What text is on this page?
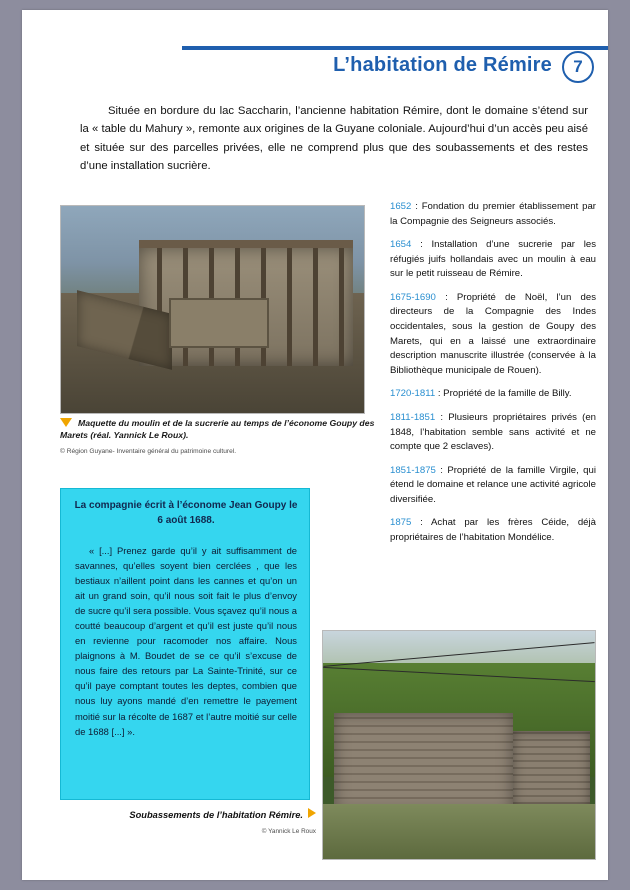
L’habitation de Rémire	7
Située en bordure du lac Saccharin, l’ancienne habitation Rémire, dont le domaine s’étend sur la « table du Mahury », remonte aux origines de la Guyane coloniale. Aujourd’hui d’un accès peu aisé et située sur des parcelles privées, elle ne comprend plus que des soubassements et des restes d’une installation sucrière.
Maquette du moulin et de la sucrerie au temps de l’économe Goupy des Marets (réal. Yannick Le Roux).
© Région Guyane- Inventaire général du patrimoine culturel.
1652 : Fondation du premier établissement par la Compagnie des Seigneurs associés.
1654 : Installation d’une sucrerie par les réfugiés juifs hollandais avec un moulin à eau sur le petit ruisseau de Rémire.
1675-1690 : Propriété de Noël, l’un des directeurs de la Compagnie des Indes occidentales, sous la gestion de Goupy des Marets, qui en a laissé une extraordinaire description manuscrite illustrée (conservée à la Bibliothèque municipale de Rouen).
1720-1811 : Propriété de la famille de Billy.
1811-1851 : Plusieurs propriétaires privés (en 1848, l’habitation semble sans activité et ne compte que 2 esclaves).
1851-1875 : Propriété de la famille Virgile, qui étend le domaine et relance une activité agricole diversifiée.
1875 : Achat par les frères Céide, déjà propriétaires de l’habitation Mondélice.
La compagnie écrit à l’économe Jean Goupy le 6 août 1688.
« [...] Prenez garde qu’il y ait suffisamment de savannes, qu’elles soyent bien cerclées , que les bestiaux n’aillent point dans les cannes et qu’on un ait un grand soin, qu’il nous soit fait le plus d’envoy de sucre qu’il sera possible. Vous sçavez qu’il nous a coutté beaucoup d’argent et qu’il est juste qu’il nous en revienne pour racomoder nos affaire. Nous plaignons à M. Boudet de se ce qu’il s’excuse de nous faire des retours par La Sainte-Trinité, sur ce qu’il paye comptant toutes les deptes, combien que nous luy ayons mandé d’en remettre le payement moitié sur la récolte de 1687 et l’autre moitié sur celle de 1688 [...] ».
Soubassements de l’habitation Rémire.
© Yannick Le Roux
